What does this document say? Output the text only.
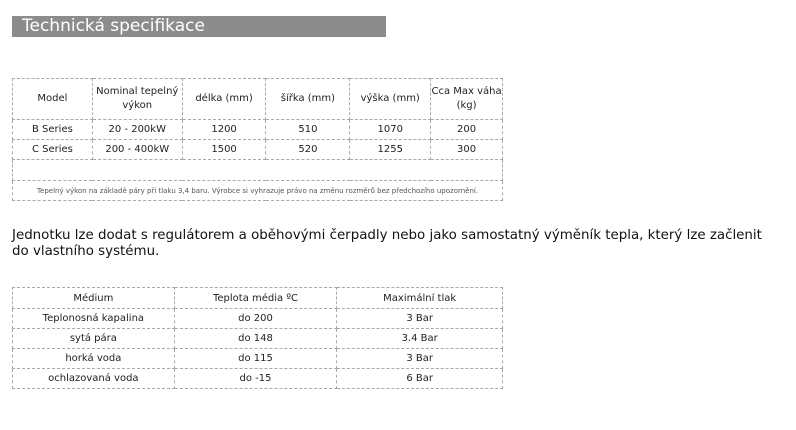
Technická specifikace
Model	Nominal tepelný výkon	délka (mm)	šířka (mm)	výška (mm)	Cca Max váha (kg)
B Series	20 - 200kW	1200	510	1070	200
C Series	200 - 400kW	1500	520	1255	300

Tepelný výkon na základě páry při tlaku 3,4 baru. Výrobce si vyhrazuje právo na změnu rozměrů bez předchozího upozornění.					
Jednotku lze dodat s regulátorem a oběhovými čerpadly nebo jako samostatný výměník tepla, který lze začlenit do vlastního systému.
Médium	Teplota média ºC	Maximální tlak
Teplonosná kapalina	do 200	3 Bar
sytá pára	do 148	3.4 Bar
horká voda	do 115	3 Bar
ochlazovaná voda	do -15	6 Bar
